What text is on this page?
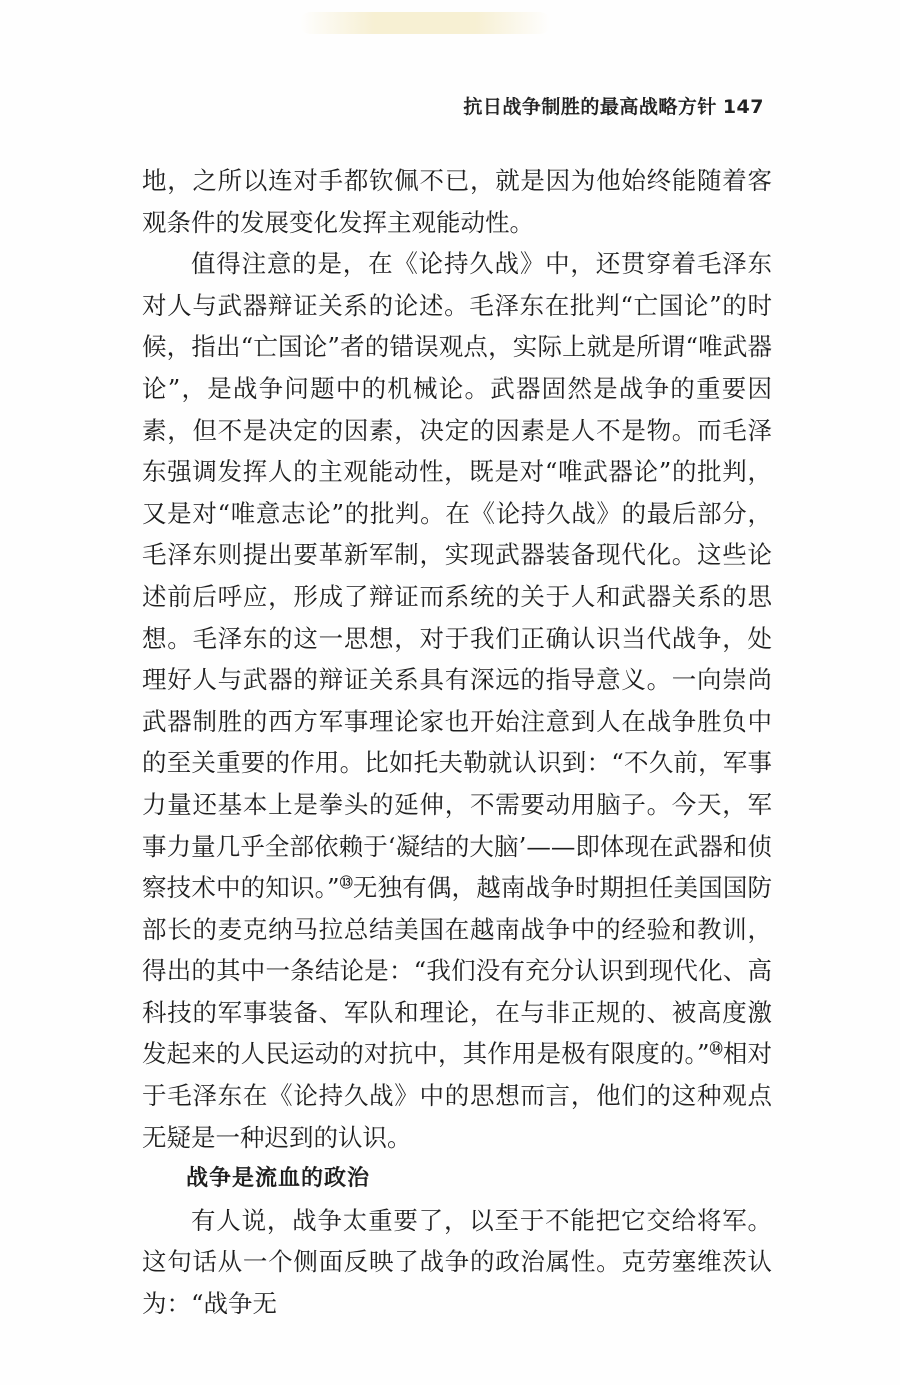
抗日战争制胜的最高战略方针 147

地，之所以连对手都钦佩不已，就是因为他始终能随着客观条件的发展变化发挥主观能动性。

值得注意的是，在《论持久战》中，还贯穿着毛泽东对人与武器辩证关系的论述。毛泽东在批判“亡国论”的时候，指出“亡国论”者的错误观点，实际上就是所谓“唯武器论”，是战争问题中的机械论。武器固然是战争的重要因素，但不是决定的因素，决定的因素是人不是物。而毛泽东强调发挥人的主观能动性，既是对“唯武器论”的批判，又是对“唯意志论”的批判。在《论持久战》的最后部分，毛泽东则提出要革新军制，实现武器装备现代化。这些论述前后呼应，形成了辩证而系统的关于人和武器关系的思想。毛泽东的这一思想，对于我们正确认识当代战争，处理好人与武器的辩证关系具有深远的指导意义。一向崇尚武器制胜的西方军事理论家也开始注意到人在战争胜负中的至关重要的作用。比如托夫勒就认识到：“不久前，军事力量还基本上是拳头的延伸，不需要动用脑子。今天，军事力量几乎全部依赖于‘凝结的大脑’——即体现在武器和侦察技术中的知识。”⑬无独有偶，越南战争时期担任美国国防部长的麦克纳马拉总结美国在越南战争中的经验和教训，得出的其中一条结论是：“我们没有充分认识到现代化、高科技的军事装备、军队和理论，在与非正规的、被高度激发起来的人民运动的对抗中，其作用是极有限度的。”⑭相对于毛泽东在《论持久战》中的思想而言，他们的这种观点无疑是一种迟到的认识。

战争是流血的政治

有人说，战争太重要了，以至于不能把它交给将军。这句话从一个侧面反映了战争的政治属性。克劳塞维茨认为：“战争无
